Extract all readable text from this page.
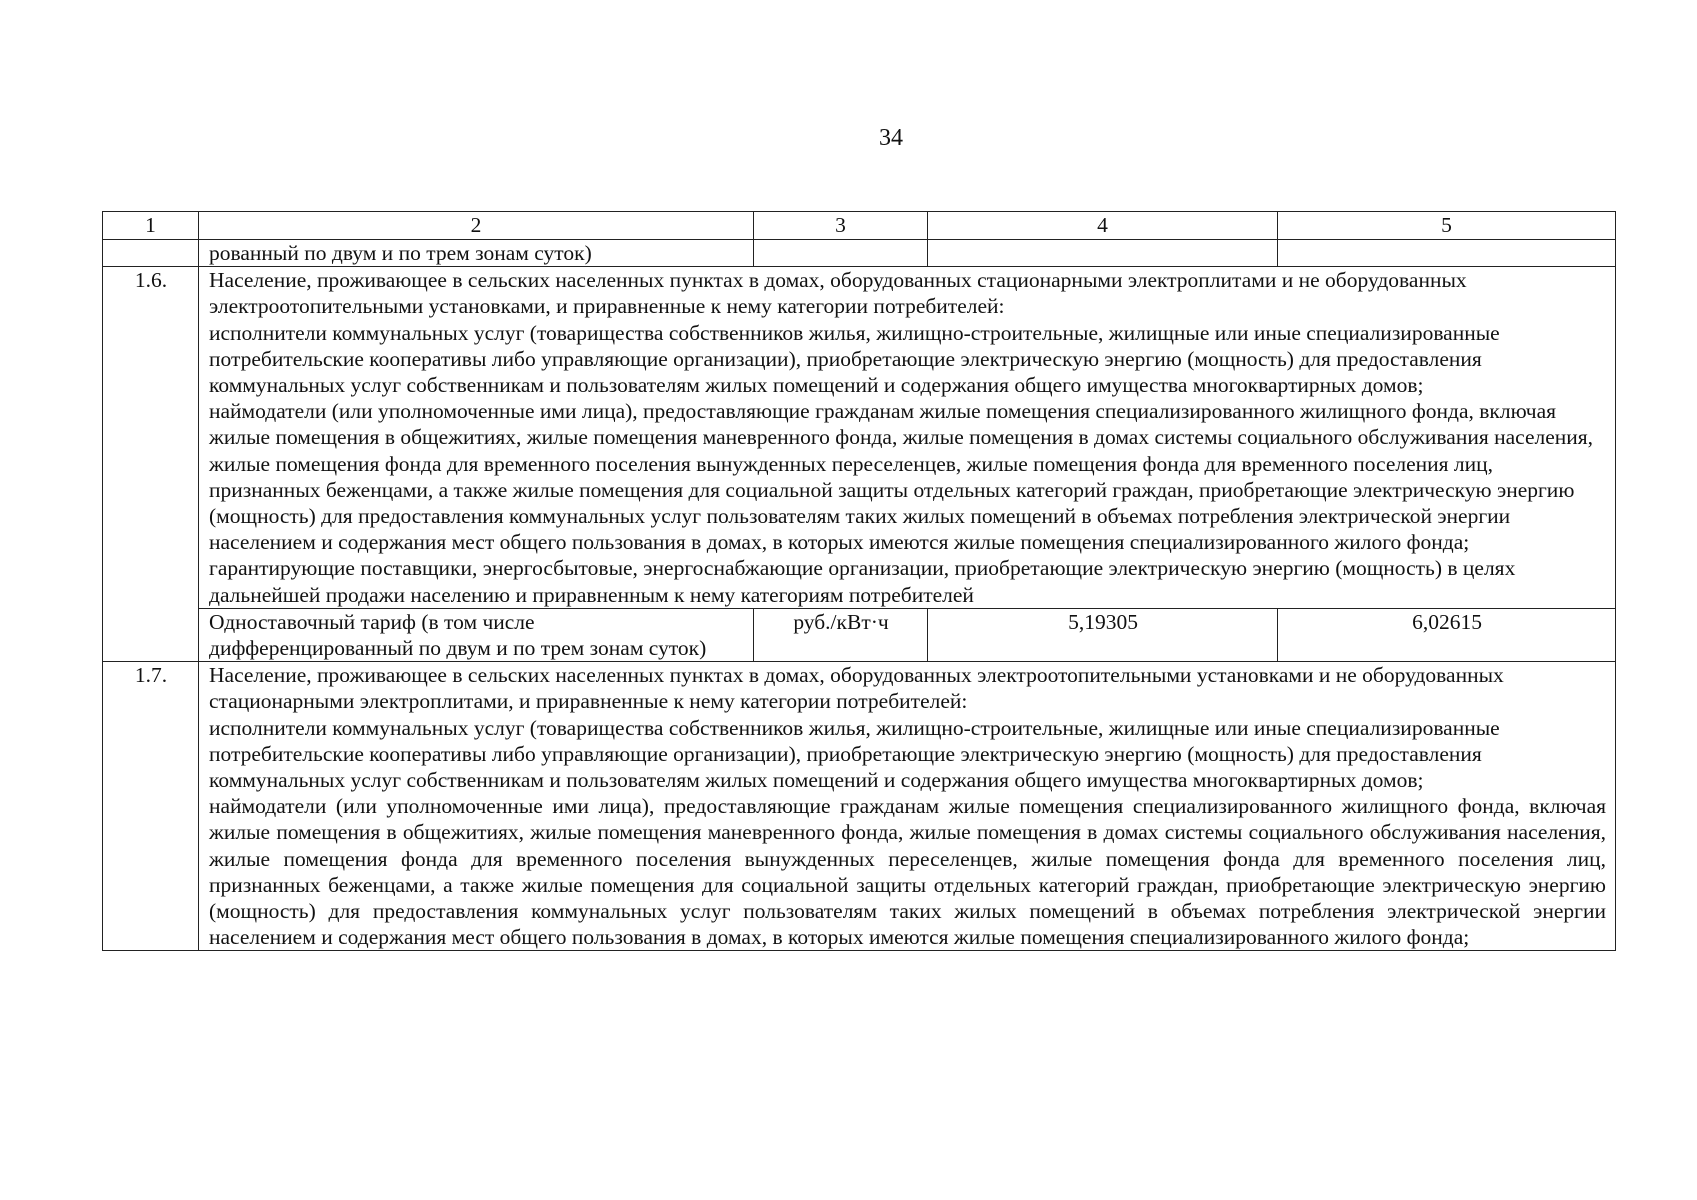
34
1	2	3	4	5
	рованный по двум и по трем зонам суток)			
1.6.	Население, проживающее в сельских населенных пунктах в домах, оборудованных стационарными электроплитами и не оборудованных электроотопительными установками, и приравненные к нему категории потребителей:
исполнители коммунальных услуг (товарищества собственников жилья, жилищно-строительные, жилищные или иные специализированные потребительские кооперативы либо управляющие организации), приобретающие электрическую энергию (мощность) для предоставления коммунальных услуг собственникам и пользователям жилых помещений и содержания общего имущества многоквартирных домов;
наймодатели (или уполномоченные ими лица), предоставляющие гражданам жилые помещения специализированного жилищного фонда, включая жилые помещения в общежитиях, жилые помещения маневренного фонда, жилые помещения в домах системы социального обслуживания населения, жилые помещения фонда для временного поселения вынужденных переселенцев, жилые помещения фонда для временного поселения лиц, признанных беженцами, а также жилые помещения для социальной защиты отдельных категорий граждан, приобретающие электрическую энергию (мощность) для предоставления коммунальных услуг пользователям таких жилых помещений в объемах потребления электрической энергии населением и содержания мест общего пользования в домах, в которых имеются жилые помещения специализированного жилого фонда;
гарантирующие поставщики, энергосбытовые, энергоснабжающие организации, приобретающие электрическую энергию (мощность) в целях дальнейшей продажи населению и приравненным к нему категориям потребителей			

	Одноставочный тариф (в том числе дифференцированный по двум и по трем зонам суток)	руб./кВт·ч	5,19305	6,02615
1.7.	Население, проживающее в сельских населенных пунктах в домах, оборудованных электроотопительными установками и не оборудованных стационарными электроплитами, и приравненные к нему категории потребителей:
исполнители коммунальных услуг (товарищества собственников жилья, жилищно-строительные, жилищные или иные специализированные потребительские кооперативы либо управляющие организации), приобретающие электрическую энергию (мощность) для предоставления коммунальных услуг собственникам и пользователям жилых помещений и содержания общего имущества многоквартирных домов;
наймодатели (или уполномоченные ими лица), предоставляющие гражданам жилые помещения специализированного жилищного фонда, включая жилые помещения в общежитиях, жилые помещения маневренного фонда, жилые помещения в домах системы социального обслуживания населения, жилые помещения фонда для временного поселения вынужденных переселенцев, жилые помещения фонда для временного поселения лиц, признанных беженцами, а также жилые помещения для социальной защиты отдельных категорий граждан, приобретающие электрическую энергию (мощность) для предоставления коммунальных услуг пользователям таких жилых помещений в объемах потребления электрической энергии населением и содержания мест общего пользования в домах, в которых имеются жилые помещения специализированного жилого фонда;			
